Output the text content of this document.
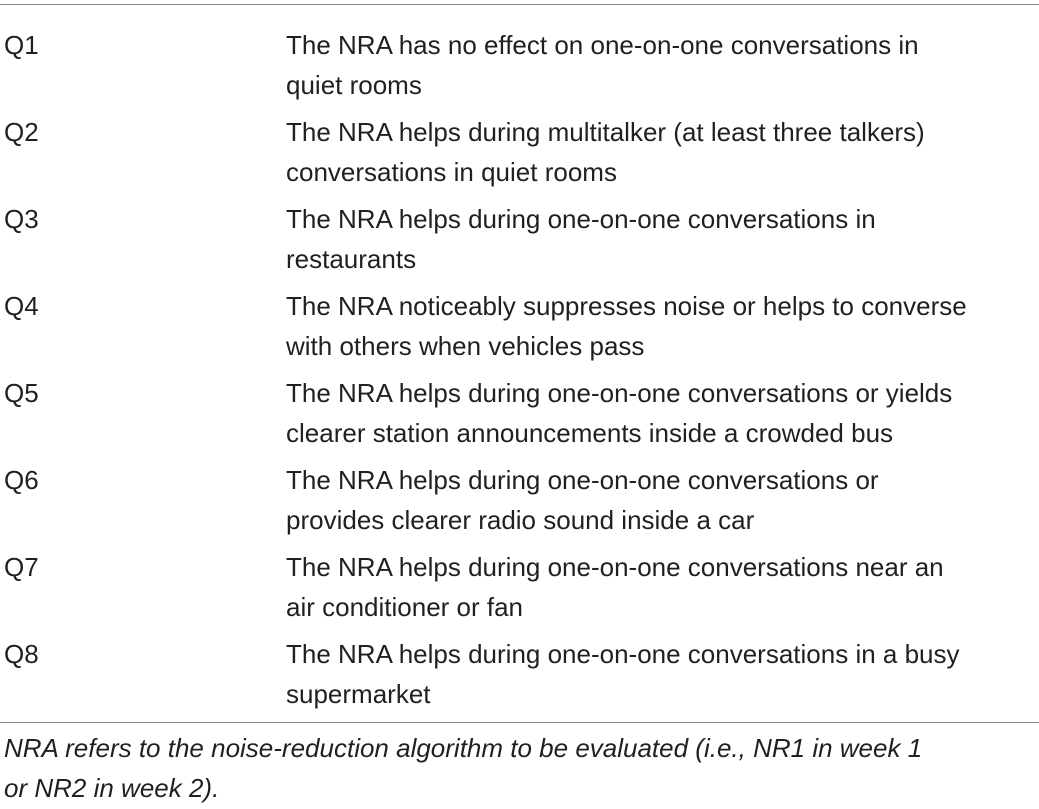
Q1	The NRA has no effect on one-on-one conversations in
quiet rooms
Q2	The NRA helps during multitalker (at least three talkers)
conversations in quiet rooms
Q3	The NRA helps during one-on-one conversations in
restaurants
Q4	The NRA noticeably suppresses noise or helps to converse
with others when vehicles pass
Q5	The NRA helps during one-on-one conversations or yields
clearer station announcements inside a crowded bus
Q6	The NRA helps during one-on-one conversations or
provides clearer radio sound inside a car
Q7	The NRA helps during one-on-one conversations near an
air conditioner or fan
Q8	The NRA helps during one-on-one conversations in a busy
supermarket
NRA refers to the noise-reduction algorithm to be evaluated (i.e., NR1 in week 1
or NR2 in week 2).
